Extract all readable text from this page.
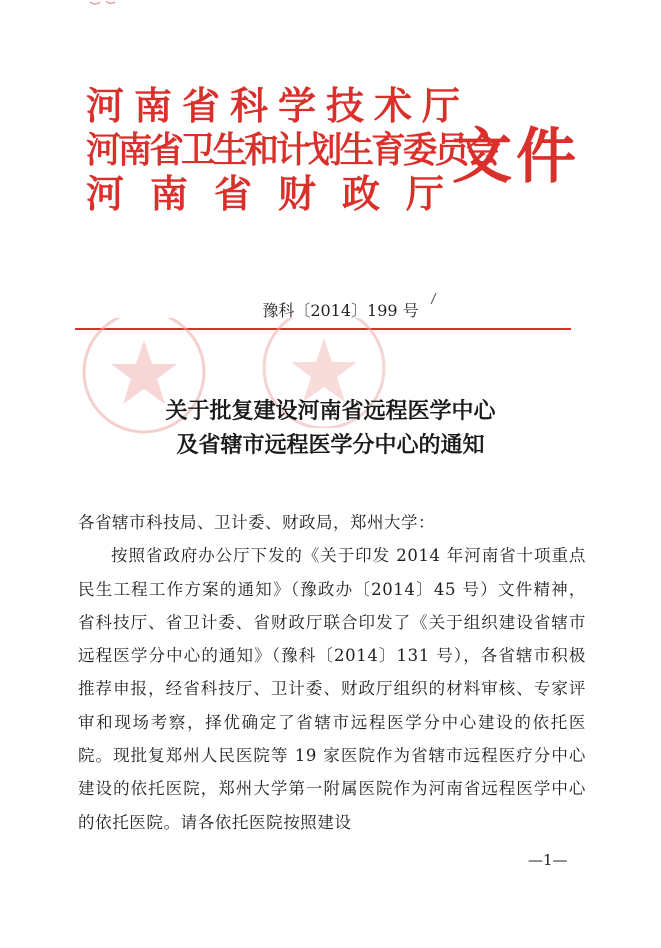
河南省科学技术厅
河南省卫生和计划生育委员会
河南省财政厅
文件
豫科〔2014〕199 号
关于批复建设河南省远程医学中心
及省辖市远程医学分中心的通知
各省辖市科技局、卫计委、财政局，郑州大学：
按照省政府办公厅下发的《关于印发 2014 年河南省十项重点民生工程工作方案的通知》（豫政办〔2014〕45 号）文件精神，省科技厅、省卫计委、省财政厅联合印发了《关于组织建设省辖市远程医学分中心的通知》（豫科〔2014〕131 号），各省辖市积极推荐申报，经省科技厅、卫计委、财政厅组织的材料审核、专家评审和现场考察，择优确定了省辖市远程医学分中心建设的依托医院。现批复郑州人民医院等 19 家医院作为省辖市远程医疗分中心建设的依托医院，郑州大学第一附属医院作为河南省远程医学中心的依托医院。请各依托医院按照建设
—1—
